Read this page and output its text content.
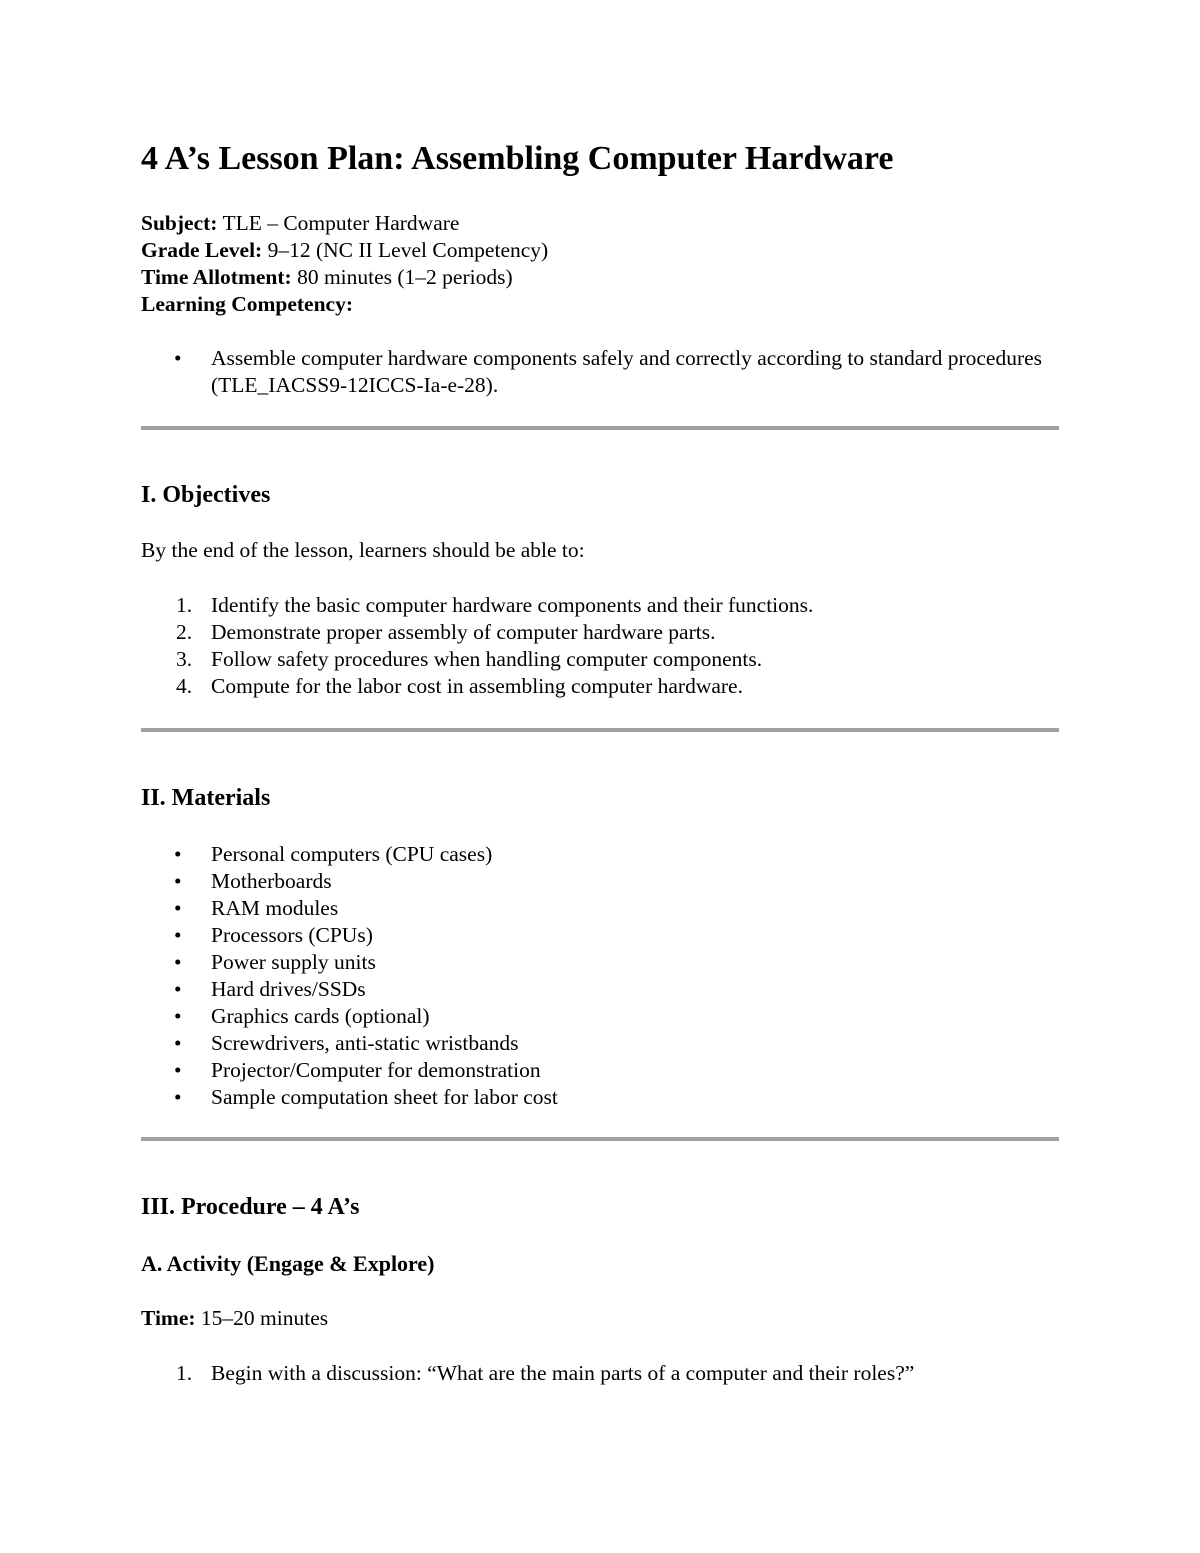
4 A’s Lesson Plan: Assembling Computer Hardware
Subject: TLE – Computer Hardware
Grade Level: 9–12 (NC II Level Competency)
Time Allotment: 80 minutes (1–2 periods)
Learning Competency:
• Assemble computer hardware components safely and correctly according to standard procedures (TLE_IACSS9-12ICCS-Ia-e-28).
I. Objectives

By the end of the lesson, learners should be able to:

1. Identify the basic computer hardware components and their functions.
2. Demonstrate proper assembly of computer hardware parts.
3. Follow safety procedures when handling computer components.
4. Compute for the labor cost in assembling computer hardware.
II. Materials
• Personal computers (CPU cases)
• Motherboards
• RAM modules
• Processors (CPUs)
• Power supply units
• Hard drives/SSDs
• Graphics cards (optional)
• Screwdrivers, anti-static wristbands
• Projector/Computer for demonstration
• Sample computation sheet for labor cost
III. Procedure – 4 A’s
A. Activity (Engage & Explore)

Time: 15–20 minutes

1. Begin with a discussion: “What are the main parts of a computer and their roles?”
